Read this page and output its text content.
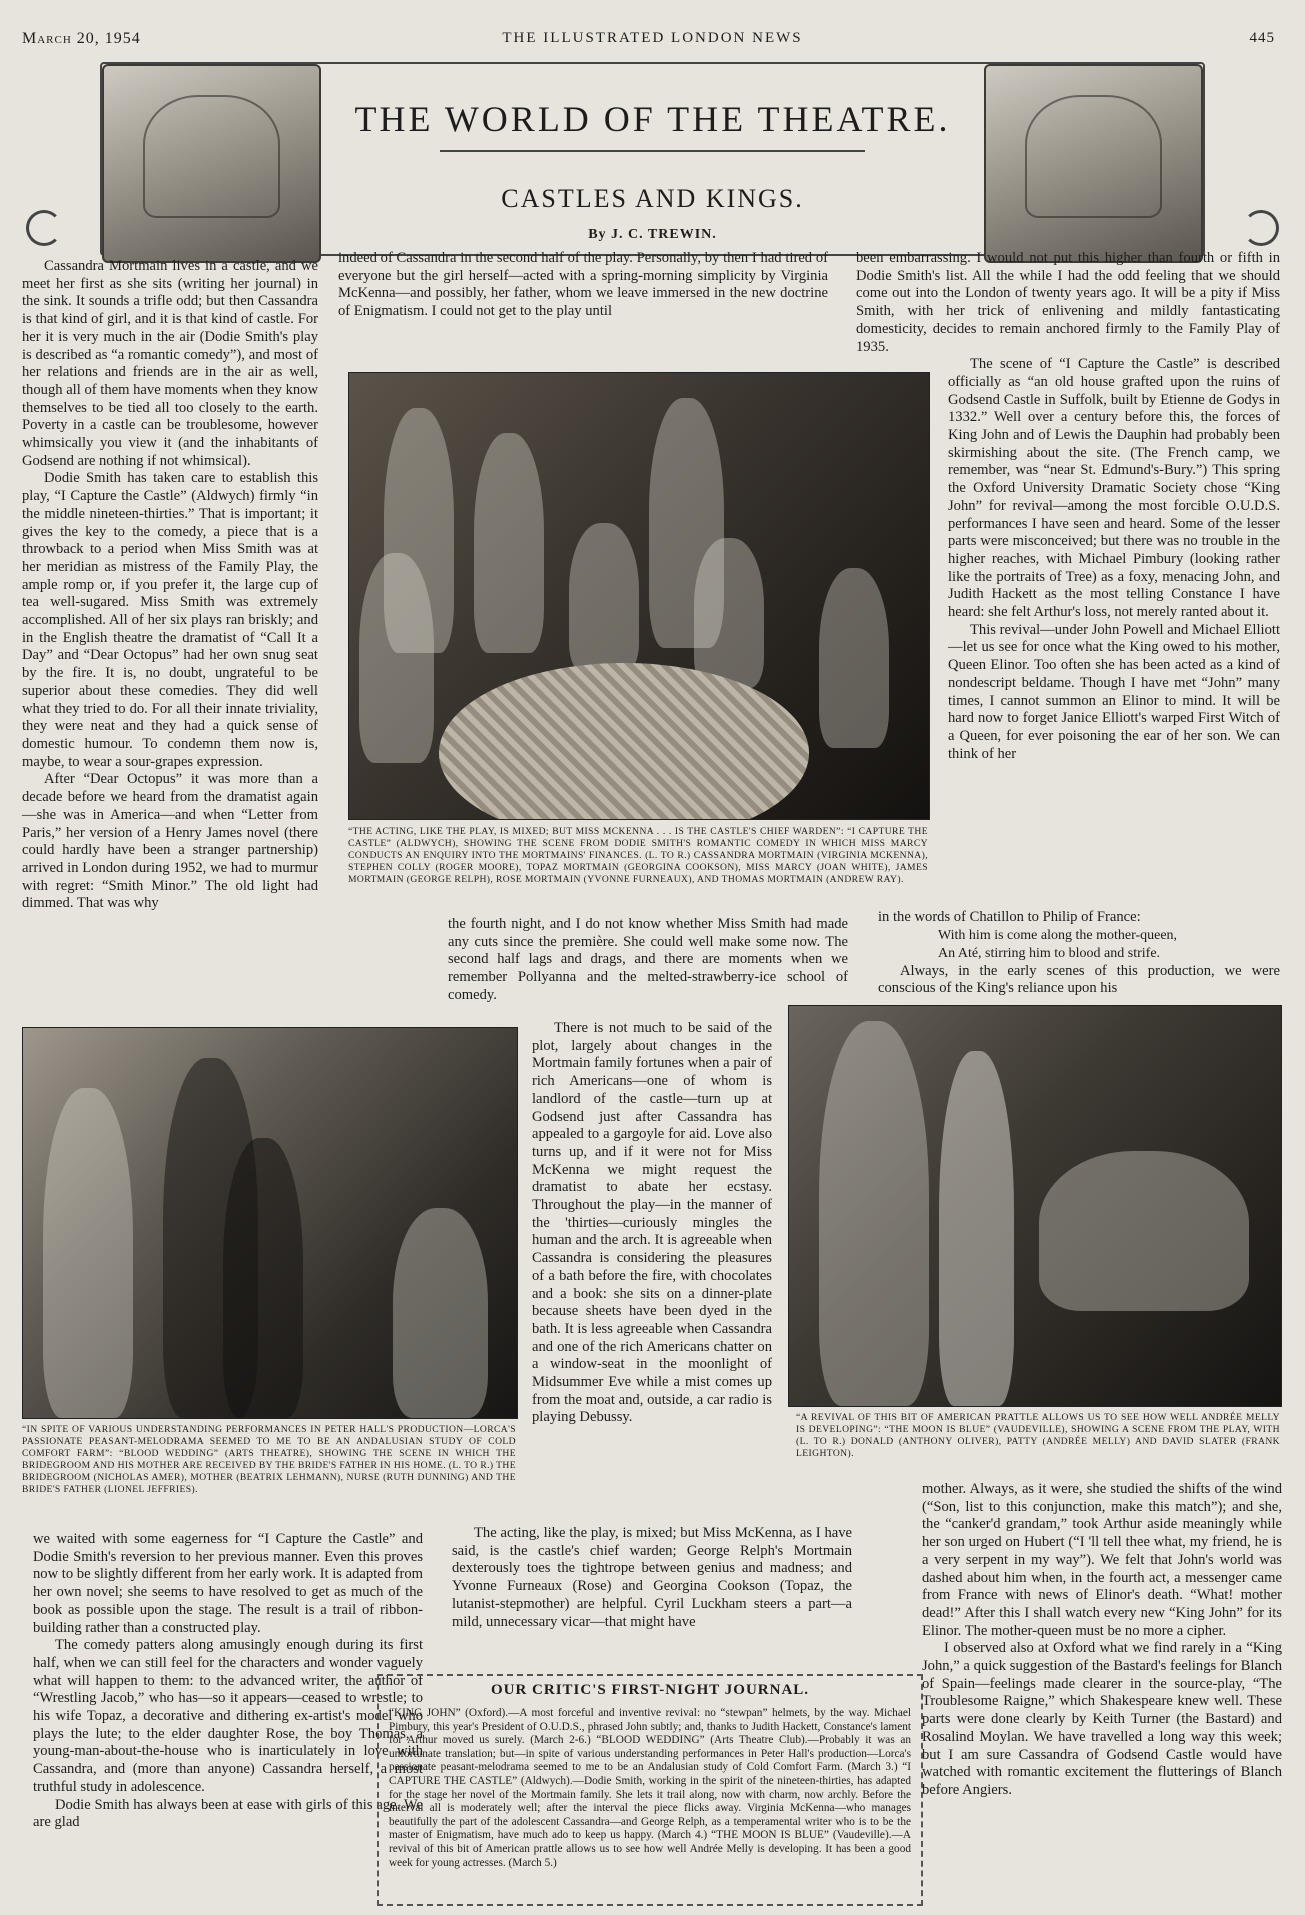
March 20, 1954	THE ILLUSTRATED LONDON NEWS	445
THE WORLD OF THE THEATRE.
CASTLES AND KINGS.
By J. C. TREWIN.

Cassandra Mortmain lives in a castle, and we meet her first as she sits (writing her journal) in the sink. It sounds a trifle odd; but then Cassandra is that kind of girl, and it is that kind of castle. For her it is very much in the air (Dodie Smith's play is described as “a romantic comedy”), and most of her relations and friends are in the air as well, though all of them have moments when they know themselves to be tied all too closely to the earth. Poverty in a castle can be troublesome, however whimsically you view it (and the inhabitants of Godsend are nothing if not whimsical).

Dodie Smith has taken care to establish this play, “I Capture the Castle” (Aldwych) firmly “in the middle nineteen-thirties.” That is important; it gives the key to the comedy, a piece that is a throwback to a period when Miss Smith was at her meridian as mistress of the Family Play, the ample romp or, if you prefer it, the large cup of tea well-sugared. Miss Smith was extremely accomplished. All of her six plays ran briskly; and in the English theatre the dramatist of “Call It a Day” and “Dear Octopus” had her own snug seat by the fire. It is, no doubt, ungrateful to be superior about these comedies. They did well what they tried to do. For all their innate triviality, they were neat and they had a quick sense of domestic humour. To condemn them now is, maybe, to wear a sour-grapes expression.

After “Dear Octopus” it was more than a decade before we heard from the dramatist again—she was in America—and when “Letter from Paris,” her version of a Henry James novel (there could hardly have been a stranger partnership) arrived in London during 1952, we had to murmur with regret: “Smith Minor.” The old light had dimmed. That was why

indeed of Cassandra in the second half of the play. Personally, by then I had tired of everyone but the girl herself—acted with a spring-morning simplicity by Virginia McKenna—and possibly, her father, whom we leave immersed in the new doctrine of Enigmatism. I could not get to the play until

been embarrassing. I would not put this higher than fourth or fifth in Dodie Smith's list. All the while I had the odd feeling that we should come out into the London of twenty years ago. It will be a pity if Miss Smith, with her trick of enlivening and mildly fantasticating domesticity, decides to remain anchored firmly to the Family Play of 1935.

The scene of “I Capture the Castle” is described officially as “an old house grafted upon the ruins of Godsend Castle in Suffolk, built by Etienne de Godys in 1332.” Well over a century before this, the forces of King John and of Lewis the Dauphin had probably been skirmishing about the site. (The French camp, we remember, was “near St. Edmund's-Bury.”) This spring the Oxford University Dramatic Society chose “King John” for revival—among the most forcible O.U.D.S. performances I have seen and heard. Some of the lesser parts were misconceived; but there was no trouble in the higher reaches, with Michael Pimbury (looking rather like the portraits of Tree) as a foxy, menacing John, and Judith Hackett as the most telling Constance I have heard: she felt Arthur's loss, not merely ranted about it.

This revival—under John Powell and Michael Elliott—let us see for once what the King owed to his mother, Queen Elinor. Too often she has been acted as a kind of nondescript beldame. Though I have met “John” many times, I cannot summon an Elinor to mind. It will be hard now to forget Janice Elliott's warped First Witch of a Queen, for ever poisoning the ear of her son. We can think of her

“THE ACTING, LIKE THE PLAY, IS MIXED; BUT MISS MCKENNA . . . IS THE CASTLE'S CHIEF WARDEN”: “I CAPTURE THE CASTLE” (ALDWYCH), SHOWING THE SCENE FROM DODIE SMITH'S ROMANTIC COMEDY IN WHICH MISS MARCY CONDUCTS AN ENQUIRY INTO THE MORTMAINS' FINANCES. (L. TO R.) CASSANDRA MORTMAIN (VIRGINIA MCKENNA), STEPHEN COLLY (ROGER MOORE), TOPAZ MORTMAIN (GEORGINA COOKSON), MISS MARCY (JOAN WHITE), JAMES MORTMAIN (GEORGE RELPH), ROSE MORTMAIN (YVONNE FURNEAUX), AND THOMAS MORTMAIN (ANDREW RAY).

the fourth night, and I do not know whether Miss Smith had made any cuts since the première. She could well make some now. The second half lags and drags, and there are moments when we remember Pollyanna and the melted-strawberry-ice school of comedy.

in the words of Chatillon to Philip of France:

With him is come along the mother-queen,
An Até, stirring him to blood and strife.

Always, in the early scenes of this production, we were conscious of the King's reliance upon his

“IN SPITE OF VARIOUS UNDERSTANDING PERFORMANCES IN PETER HALL'S PRODUCTION—LORCA'S PASSIONATE PEASANT-MELODRAMA SEEMED TO ME TO BE AN ANDALUSIAN STUDY OF COLD COMFORT FARM”: “BLOOD WEDDING” (ARTS THEATRE), SHOWING THE SCENE IN WHICH THE BRIDEGROOM AND HIS MOTHER ARE RECEIVED BY THE BRIDE'S FATHER IN HIS HOME. (L. TO R.) THE BRIDEGROOM (NICHOLAS AMER), MOTHER (BEATRIX LEHMANN), NURSE (RUTH DUNNING) AND THE BRIDE'S FATHER (LIONEL JEFFRIES).

There is not much to be said of the plot, largely about changes in the Mortmain family fortunes when a pair of rich Americans—one of whom is landlord of the castle—turn up at Godsend just after Cassandra has appealed to a gargoyle for aid. Love also turns up, and if it were not for Miss McKenna we might request the dramatist to abate her ecstasy. Throughout the play—in the manner of the 'thirties—curiously mingles the human and the arch. It is agreeable when Cassandra is considering the pleasures of a bath before the fire, with chocolates and a book: she sits on a dinner-plate because sheets have been dyed in the bath. It is less agreeable when Cassandra and one of the rich Americans chatter on a window-seat in the moonlight of Midsummer Eve while a mist comes up from the moat and, outside, a car radio is playing Debussy.	“A REVIVAL OF THIS BIT OF AMERICAN PRATTLE ALLOWS US TO SEE HOW WELL ANDRÉE MELLY IS DEVELOPING”: “THE MOON IS BLUE” (VAUDEVILLE), SHOWING A SCENE FROM THE PLAY, WITH (L. TO R.) DONALD (ANTHONY OLIVER), PATTY (ANDRÉE MELLY) AND DAVID SLATER (FRANK LEIGHTON).

we waited with some eagerness for “I Capture the Castle” and Dodie Smith's reversion to her previous manner. Even this proves now to be slightly different from her early work. It is adapted from her own novel; she seems to have resolved to get as much of the book as possible upon the stage. The result is a trail of ribbon-building rather than a constructed play.

The comedy patters along amusingly enough during its first half, when we can still feel for the characters and wonder vaguely what will happen to them: to the advanced writer, the author of “Wrestling Jacob,” who has—so it appears—ceased to wrestle; to his wife Topaz, a decorative and dithering ex-artist's model who plays the lute; to the elder daughter Rose, the boy Thomas, a young-man-about-the-house who is inarticulately in love with Cassandra, and (more than anyone) Cassandra herself, a most truthful study in adolescence.

Dodie Smith has always been at ease with girls of this age. We are glad

The acting, like the play, is mixed; but Miss McKenna, as I have said, is the castle's chief warden; George Relph's Mortmain dexterously toes the tightrope between genius and madness; and Yvonne Furneaux (Rose) and Georgina Cookson (Topaz, the lutanist-stepmother) are helpful. Cyril Luckham steers a part—a mild, unnecessary vicar—that might have

mother. Always, as it were, she studied the shifts of the wind (“Son, list to this conjunction, make this match”); and she, the “canker'd grandam,” took Arthur aside meaningly while her son urged on Hubert (“I 'll tell thee what, my friend, he is a very serpent in my way”). We felt that John's world was dashed about him when, in the fourth act, a messenger came from France with news of Elinor's death. “What! mother dead!” After this I shall watch every new “King John” for its Elinor. The mother-queen must be no more a cipher.

I observed also at Oxford what we find rarely in a “King John,” a quick suggestion of the Bastard's feelings for Blanch of Spain—feelings made clearer in the source-play, “The Troublesome Raigne,” which Shakespeare knew well. These parts were done clearly by Keith Turner (the Bastard) and Rosalind Moylan. We have travelled a long way this week; but I am sure Cassandra of Godsend Castle would have watched with romantic excitement the flutterings of Blanch before Angiers.

OUR CRITIC'S FIRST-NIGHT JOURNAL.
“KING JOHN” (Oxford).—A most forceful and inventive revival: no “stewpan” helmets, by the way. Michael Pimbury, this year's President of O.U.D.S., phrased John subtly; and, thanks to Judith Hackett, Constance's lament for Arthur moved us surely. (March 2-6.) “BLOOD WEDDING” (Arts Theatre Club).—Probably it was an unfortunate translation; but—in spite of various understanding performances in Peter Hall's production—Lorca's passionate peasant-melodrama seemed to me to be an Andalusian study of Cold Comfort Farm. (March 3.) “I CAPTURE THE CASTLE” (Aldwych).—Dodie Smith, working in the spirit of the nineteen-thirties, has adapted for the stage her novel of the Mortmain family. She lets it trail along, now with charm, now archly. Before the interval all is moderately well; after the interval the piece flicks away. Virginia McKenna—who manages beautifully the part of the adolescent Cassandra—and George Relph, as a temperamental writer who is to be the master of Enigmatism, have much ado to keep us happy. (March 4.) “THE MOON IS BLUE” (Vaudeville).—A revival of this bit of American prattle allows us to see how well Andrée Melly is developing. It has been a good week for young actresses. (March 5.)
